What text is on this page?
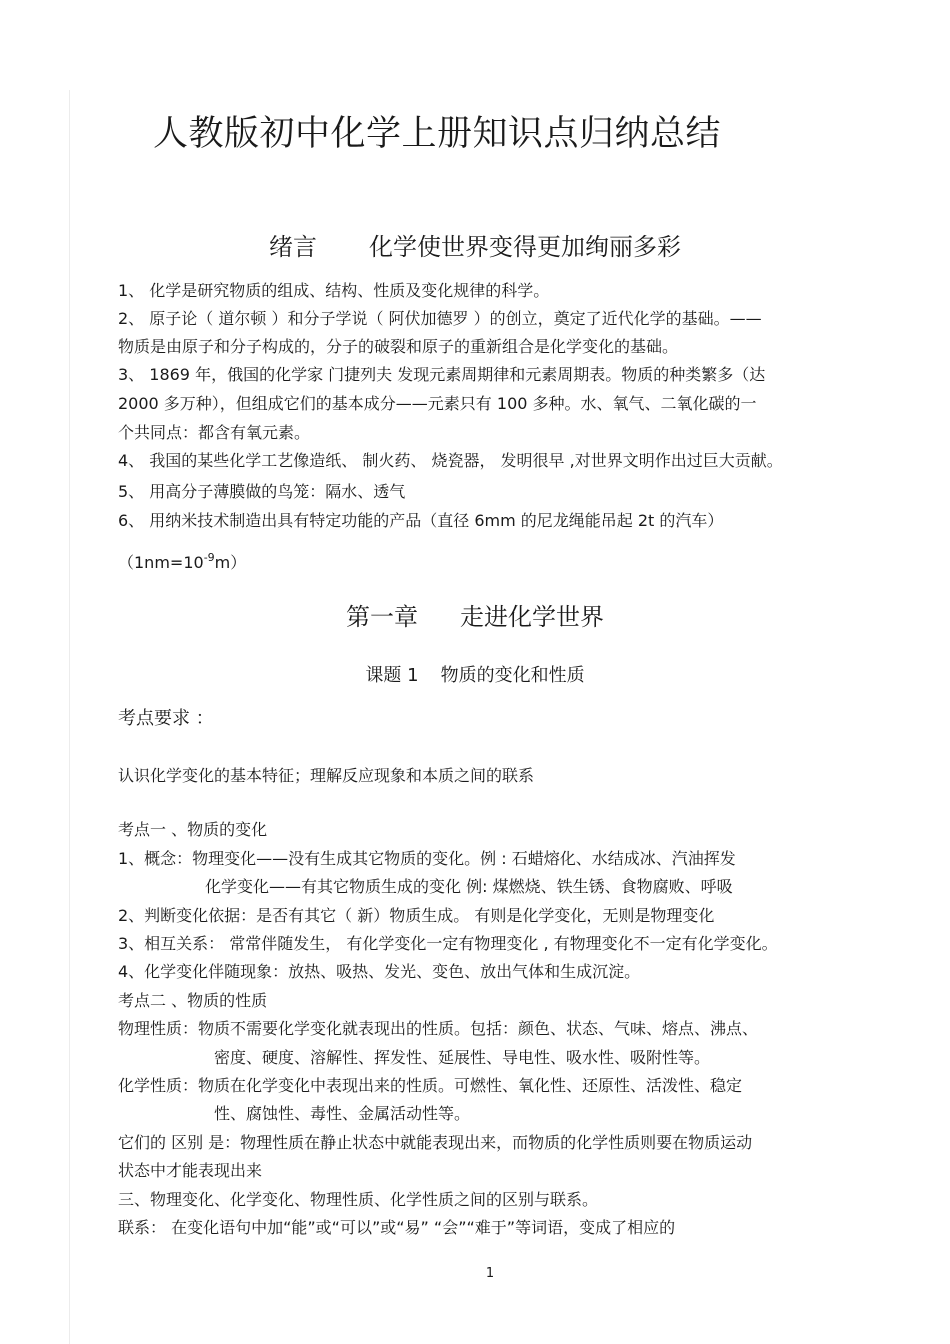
人教版初中化学上册知识点归纳总结
绪言 化学使世界变得更加绚丽多彩

1、 化学是研究物质的组成、结构、性质及变化规律的科学。

2、 原子论（ 道尔顿 ）和分子学说（ 阿伏加德罗 ）的创立，奠定了近代化学的基础。——

物质是由原子和分子构成的，分子的破裂和原子的重新组合是化学变化的基础。

3、 1869 年，俄国的化学家 门捷列夫 发现元素周期律和元素周期表。物质的种类繁多（达

2000 多万种），但组成它们的基本成分——元素只有 100 多种。水、氧气、二氧化碳的一

个共同点：都含有氧元素。

4、 我国的某些化学工艺像造纸、 制火药、 烧瓷器， 发明很早 ,对世界文明作出过巨大贡献。

5、 用高分子薄膜做的鸟笼：隔水、透气

6、 用纳米技术制造出具有特定功能的产品（直径 6mm 的尼龙绳能吊起 2t 的汽车）

$(1nm=10^{-9}m)$

第一章 走进化学世界
课题 1 物质的变化和性质

考点要求 ：

认识化学变化的基本特征；理解反应现象和本质之间的联系

考点一 、物质的变化

1、概念：物理变化——没有生成其它物质的变化。例 : 石蜡熔化、水结成冰、汽油挥发

化学变化——有其它物质生成的变化 例: 煤燃烧、铁生锈、食物腐败、呼吸

2、判断变化依据：是否有其它（ 新）物质生成。 有则是化学变化，无则是物理变化

3、相互关系： 常常伴随发生， 有化学变化一定有物理变化 , 有物理变化不一定有化学变化。

4、化学变化伴随现象：放热、吸热、发光、变色、放出气体和生成沉淀。

考点二 、物质的性质

物理性质：物质不需要化学变化就表现出的性质。包括：颜色、状态、气味、熔点、沸点、

密度、硬度、溶解性、挥发性、延展性、导电性、吸水性、吸附性等。

化学性质：物质在化学变化中表现出来的性质。可燃性、氧化性、还原性、活泼性、稳定

性、腐蚀性、毒性、金属活动性等。

它们的 区别 是：物理性质在静止状态中就能表现出来，而物质的化学性质则要在物质运动

状态中才能表现出来

三、物理变化、化学变化、物理性质、化学性质之间的区别与联系。

联系： 在变化语句中加“能”或“可以”或“易” “会”“难于”等词语，变成了相应的

1
